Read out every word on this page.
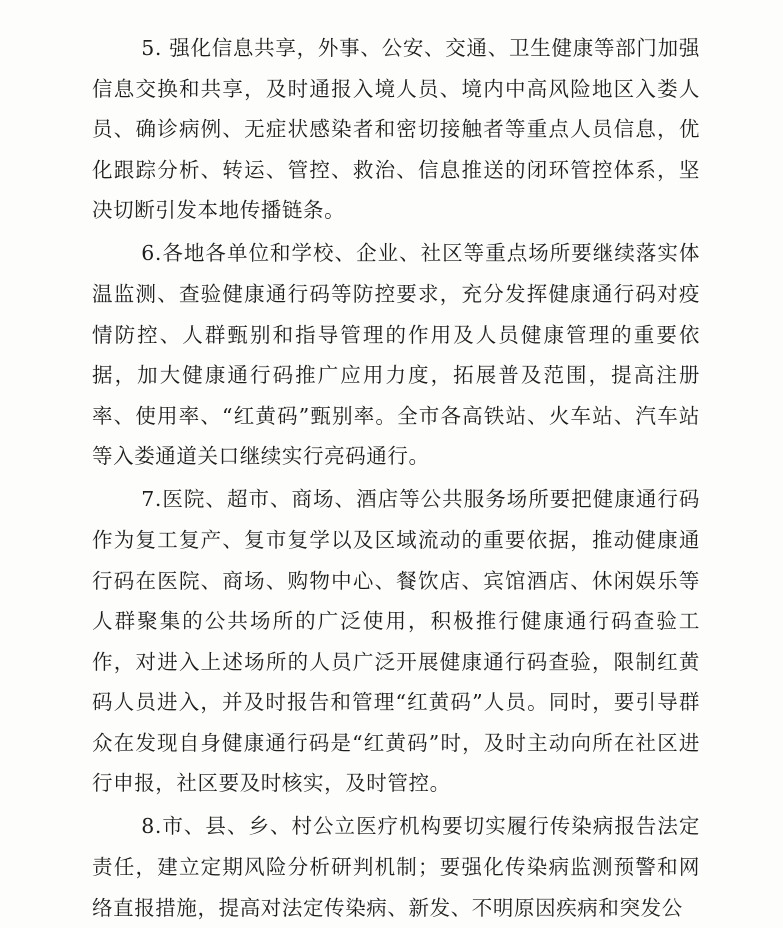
5. 强化信息共享，外事、公安、交通、卫生健康等部门加强信息交换和共享，及时通报入境人员、境内中高风险地区入娄人员、确诊病例、无症状感染者和密切接触者等重点人员信息，优化跟踪分析、转运、管控、救治、信息推送的闭环管控体系，坚决切断引发本地传播链条。

6.各地各单位和学校、企业、社区等重点场所要继续落实体温监测、查验健康通行码等防控要求，充分发挥健康通行码对疫情防控、人群甄别和指导管理的作用及人员健康管理的重要依据，加大健康通行码推广应用力度，拓展普及范围，提高注册率、使用率、“红黄码”甄别率。全市各高铁站、火车站、汽车站等入娄通道关口继续实行亮码通行。

7.医院、超市、商场、酒店等公共服务场所要把健康通行码作为复工复产、复市复学以及区域流动的重要依据，推动健康通行码在医院、商场、购物中心、餐饮店、宾馆酒店、休闲娱乐等人群聚集的公共场所的广泛使用，积极推行健康通行码查验工作，对进入上述场所的人员广泛开展健康通行码查验，限制红黄码人员进入，并及时报告和管理“红黄码”人员。同时，要引导群众在发现自身健康通行码是“红黄码”时，及时主动向所在社区进行申报，社区要及时核实，及时管控。

8.市、县、乡、村公立医疗机构要切实履行传染病报告法定责任，建立定期风险分析研判机制；要强化传染病监测预警和网络直报措施，提高对法定传染病、新发、不明原因疾病和突发公
